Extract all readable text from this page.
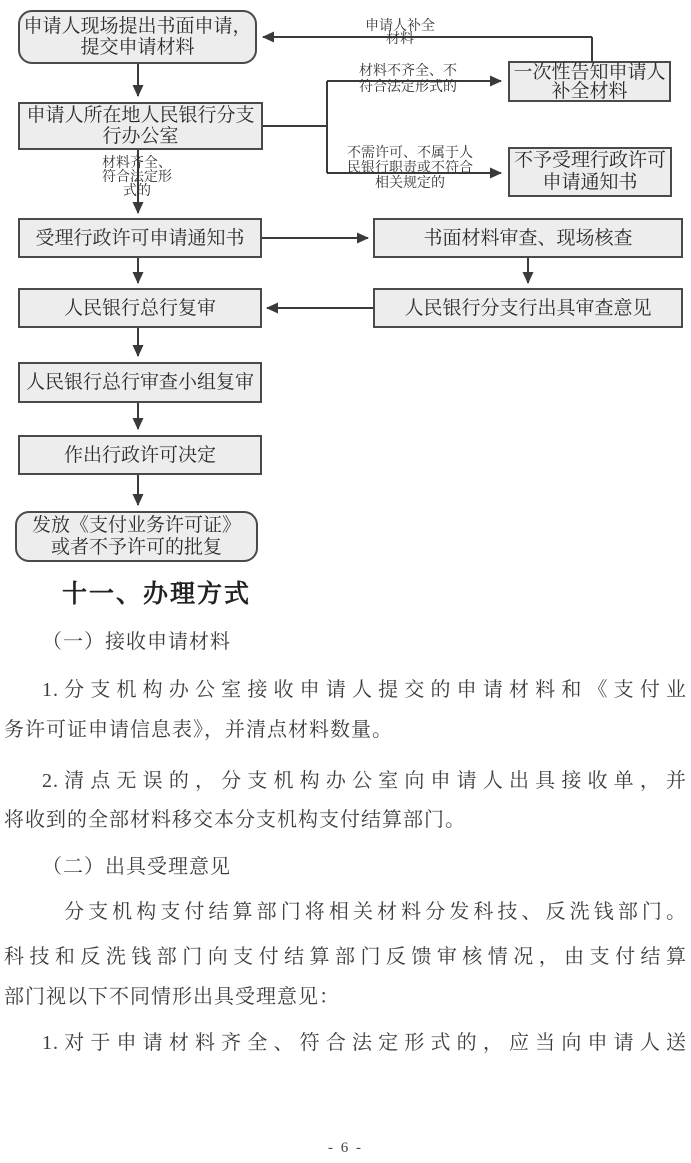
申请人补全
材料
材料不齐全、不
符合法定形式的
不需许可、不属于人
民银行职责或不符合
相关规定的
材料齐全、
符合法定形
式的
申请人现场提出书面申请，
提交申请材料
申请人所在地人民银行分支
行办公室
一次性告知申请人
补全材料
不予受理行政许可
申请通知书
受理行政许可申请通知书	书面材料审查、现场核查
人民银行总行复审	人民银行分支行出具审查意见
人民银行总行审查小组复审
作出行政许可决定
发放《支付业务许可证》
或者不予许可的批复
十一、办理方式
（一）接收申请材料
1.分支机构办公室接收申请人提交的申请材料和《支付业
务许可证申请信息表》，并清点材料数量。
2.清点无误的，分支机构办公室向申请人出具接收单，并
将收到的全部材料移交本分支机构支付结算部门。
（二）出具受理意见
分支机构支付结算部门将相关材料分发科技、反洗钱部门。
科技和反洗钱部门向支付结算部门反馈审核情况，由支付结算
部门视以下不同情形出具受理意见：
1.对于申请材料齐全、符合法定形式的，应当向申请人送
- 6 -
